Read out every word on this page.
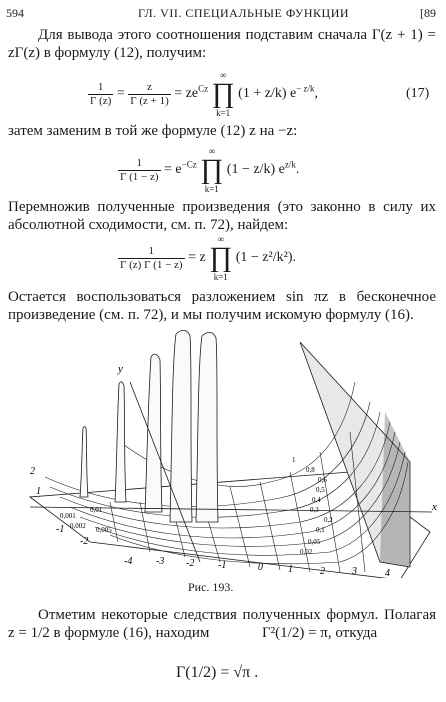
594	ГЛ. VII. СПЕЦИАЛЬНЫЕ ФУНКЦИИ	[89
Для вывода этого соотношения подставим сначала Γ(z + 1) = zΓ(z) в формулу (12), получим:
$\frac{1}{\Gamma (z)} = \frac{z}{\Gamma (z + 1)} = ze^{Cz}$
∞
∏
k=1
(1 + z/k) $e^{- z/k}$,	(17)
затем заменим в той же формуле (12) z на −z:
$\frac{1}{\Gamma (1 - z)} = e^{-Cz}$
∞
∏
k=1
(1 − z/k) $e^{z/k}$.
Перемножив полученные произведения (это законно в силу их абсолютной сходимости, см. п. 72), найдем:
$\frac{1}{\Gamma (z) \Gamma (1 - z)} = z$
∞
∏
k=1
(1 − z²/k²).
Остается воспользоваться разложением sin πz в бесконечное произведение (см. п. 72), и мы получим искомую формулу (16).
x
y
-4 -3 -2 -1	0	1	2	3	4
2
1
-1
-2
0,001
0,002 0,005
0,01
0,02
0,05
0,1
0,2
0,3
0,4
0,5
0,6
0,8
1
Рис. 193.
Отметим некоторые следствия полученных формул. Полагая z = 1/2 в формуле (16), находим	Γ²(1/2) = π, откуда
Γ(1/2) = √π .
